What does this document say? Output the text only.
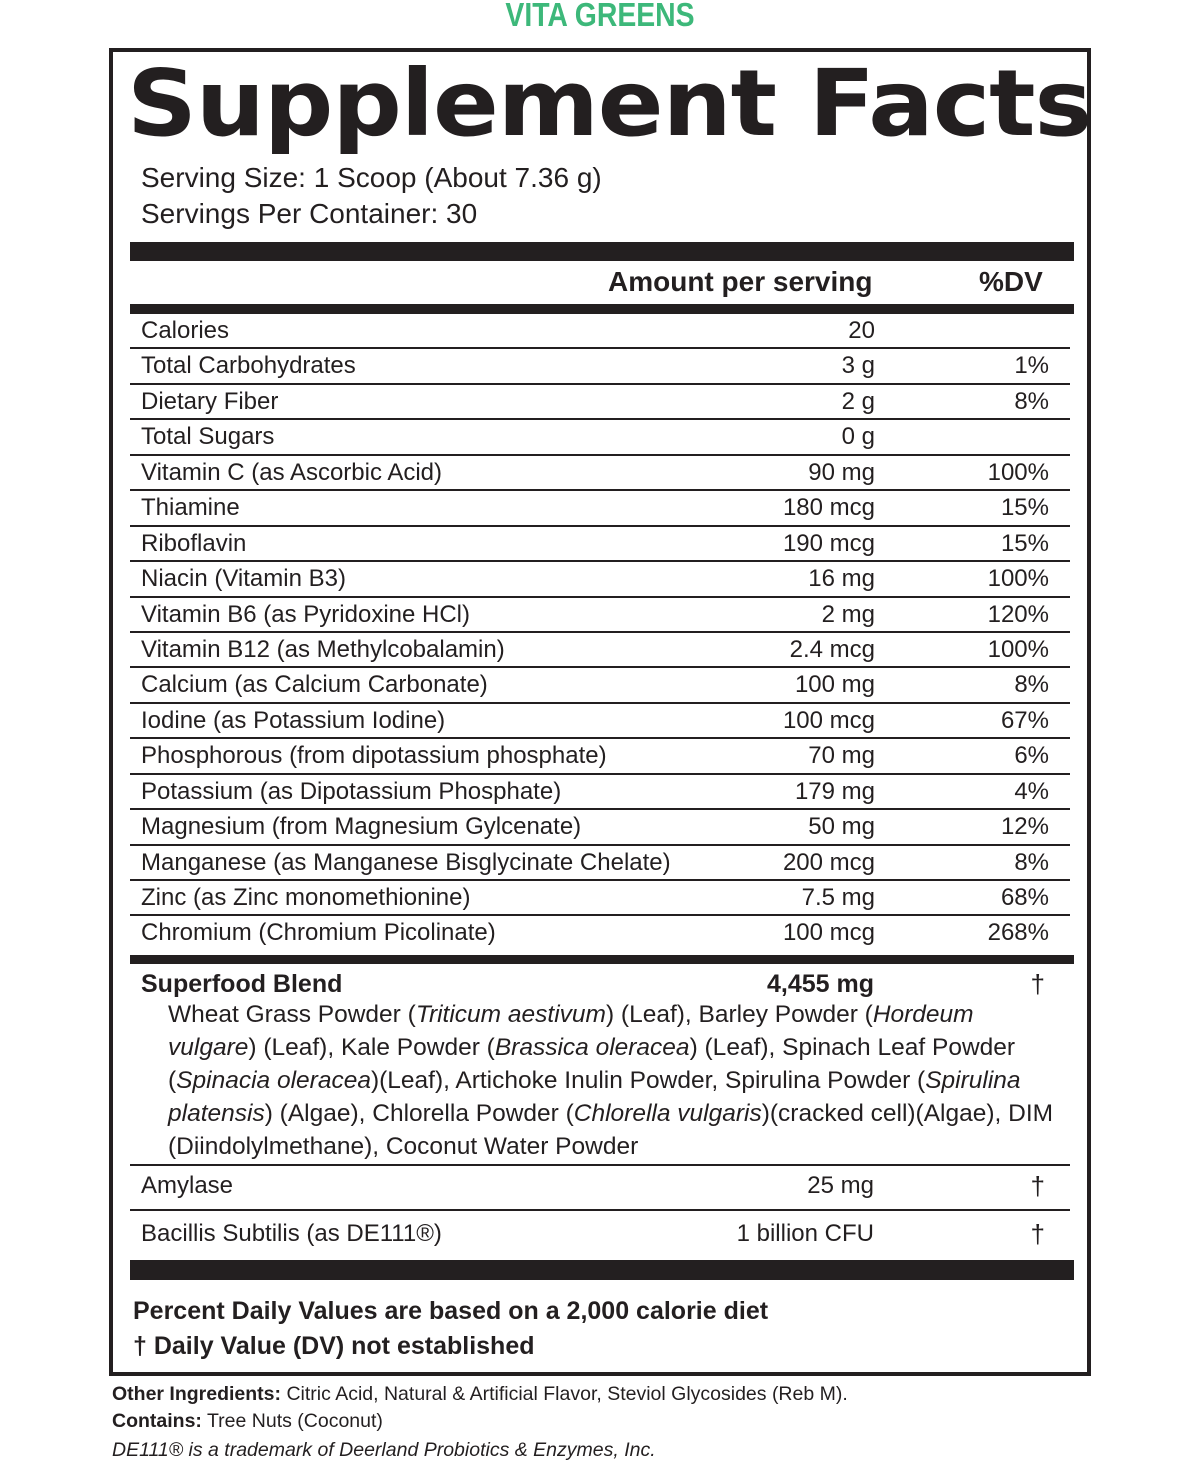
VITA GREENS
Supplement Facts
Serving Size: 1 Scoop (About 7.36 g)
Servings Per Container: 30
Amount per serving	%DV
Calories	20
Total Carbohydrates	3 g	1%
Dietary Fiber	2 g	8%
Total Sugars	0 g
Vitamin C (as Ascorbic Acid)	90 mg	100%
Thiamine	180 mcg	15%
Riboflavin	190 mcg	15%
Niacin (Vitamin B3)	16 mg	100%
Vitamin B6 (as Pyridoxine HCl)	2 mg	120%
Vitamin B12 (as Methylcobalamin)	2.4 mcg	100%
Calcium (as Calcium Carbonate)	100 mg	8%
Iodine (as Potassium Iodine)	100 mcg	67%
Phosphorous (from dipotassium phosphate)	70 mg	6%
Potassium (as Dipotassium Phosphate)	179 mg	4%
Magnesium (from Magnesium Gylcenate)	50 mg	12%
Manganese (as Manganese Bisglycinate Chelate)	200 mcg	8%
Zinc (as Zinc monomethionine)	7.5 mg	68%
Chromium (Chromium Picolinate)	100 mcg	268%
Superfood Blend	4,455 mg	†
Wheat Grass Powder (Triticum aestivum) (Leaf), Barley Powder (Hordeum vulgare) (Leaf), Kale Powder (Brassica oleracea) (Leaf), Spinach Leaf Powder (Spinacia oleracea)(Leaf), Artichoke Inulin Powder, Spirulina Powder (Spirulina platensis) (Algae), Chlorella Powder (Chlorella vulgaris)(cracked cell)(Algae), DIM (Diindolylmethane), Coconut Water Powder
Amylase	25 mg	†
Bacillis Subtilis (as DE111®)	1 billion CFU	†
Percent Daily Values are based on a 2,000 calorie diet
† Daily Value (DV) not established
Other Ingredients: Citric Acid, Natural & Artificial Flavor, Steviol Glycosides (Reb M).
Contains: Tree Nuts (Coconut)
DE111® is a trademark of Deerland Probiotics & Enzymes, Inc.
